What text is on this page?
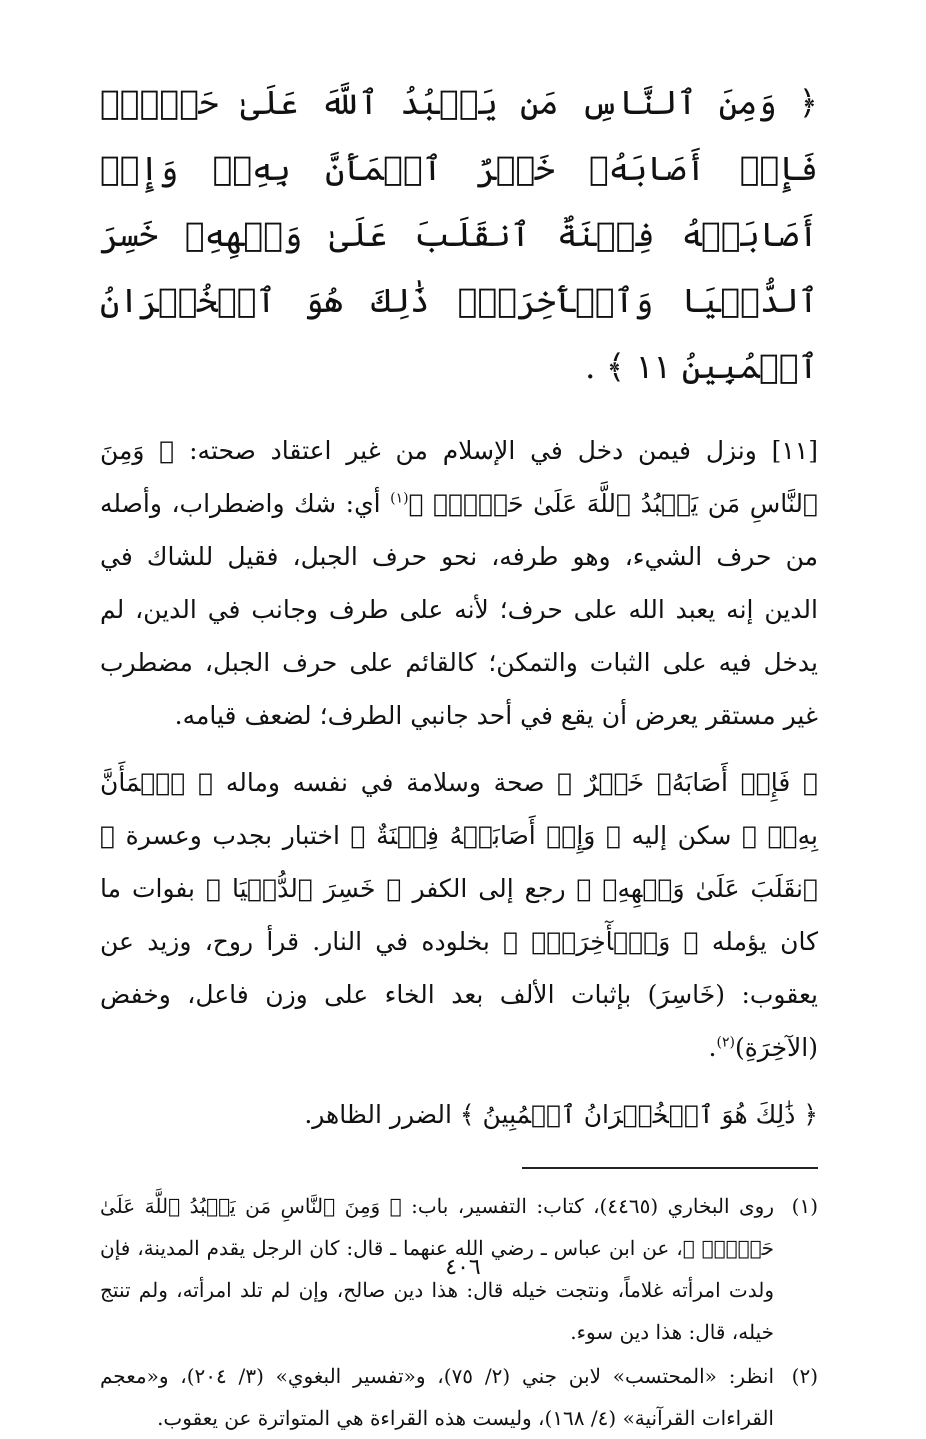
﴿ وَمِنَ ٱلنَّاسِ مَن يَعۡبُدُ ٱللَّهَ عَلَىٰ حَرۡفٖۖ فَإِنۡ أَصَابَهُۥ خَيۡرٌ ٱطۡمَأَنَّ بِهِۦۖ وَإِنۡ أَصَابَتۡهُ فِتۡنَةٌ ٱنقَلَبَ عَلَىٰ وَجۡهِهِۦ خَسِرَ ٱلدُّنۡيَا وَٱلۡأٓخِرَةَۚ ذَٰلِكَ هُوَ ٱلۡخُسۡرَانُ ٱلۡمُبِينُ ١١ ﴾ .

[١١] ونزل فيمن دخل في الإسلام من غير اعتقاد صحته: ﴿ وَمِنَ ٱلنَّاسِ مَن يَعۡبُدُ ٱللَّهَ عَلَىٰ حَرۡفٖۖ ﴾$^{(١)}$ أي: شك واضطراب، وأصله من حرف الشيء، وهو طرفه، نحو حرف الجبل، فقيل للشاك في الدين إنه يعبد الله على حرف؛ لأنه على طرف وجانب في الدين، لم يدخل فيه على الثبات والتمكن؛ كالقائم على حرف الجبل، مضطرب غير مستقر يعرض أن يقع في أحد جانبي الطرف؛ لضعف قيامه.

﴿ فَإِنۡ أَصَابَهُۥ خَيۡرٌ ﴾ صحة وسلامة في نفسه وماله ﴿ ٱطۡمَأَنَّ بِهِۦۖ ﴾ سكن إليه ﴿ وَإِنۡ أَصَابَتۡهُ فِتۡنَةٌ ﴾ اختبار بجدب وعسرة ﴿ ٱنقَلَبَ عَلَىٰ وَجۡهِهِۦ ﴾ رجع إلى الكفر ﴿ خَسِرَ ٱلدُّنۡيَا ﴾ بفوات ما كان يؤمله ﴿ وَٱلۡأٓخِرَةَۚ ﴾ بخلوده في النار. قرأ روح، وزيد عن يعقوب: (خَاسِرَ) بإثبات الألف بعد الخاء على وزن فاعل، وخفض (الآخِرَةِ)$^{(٢)}$.

﴿ ذَٰلِكَ هُوَ ٱلۡخُسۡرَانُ ٱلۡمُبِينُ ﴾ الضرر الظاهر.

(١)
روى البخاري (٤٤٦٥)، كتاب: التفسير، باب: ﴿ وَمِنَ ٱلنَّاسِ مَن يَعۡبُدُ ٱللَّهَ عَلَىٰ حَرۡفٖۖ ﴾، عن ابن عباس ـ رضي الله عنهما ـ قال: كان الرجل يقدم المدينة، فإن ولدت امرأته غلاماً، ونتجت خيله قال: هذا دين صالح، وإن لم تلد امرأته، ولم تنتج خيله، قال: هذا دين سوء.
(٢)
انظر: «المحتسب» لابن جني (٢/ ٧٥)، و«تفسير البغوي» (٣/ ٢٠٤)، و«معجم القراءات القرآنية» (٤/ ١٦٨)، وليست هذه القراءة هي المتواترة عن يعقوب.
٤٠٦
